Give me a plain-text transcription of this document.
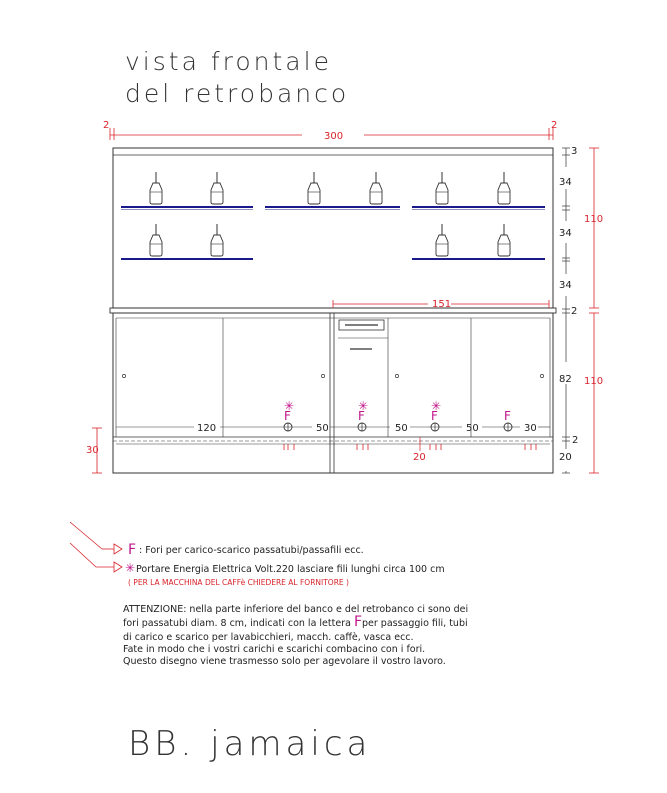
vista frontale
del retrobanco
2
300
2
151
120	50	50	50	30
✳
F
✳
F
✳
F	F
20
30
3
34
34
34
2
82
2
20
110
110
F : Fori per carico-scarico passatubi/passafili ecc.
✳ Portare Energia Elettrica Volt.220 lasciare fili lunghi circa 100 cm
( PER LA MACCHINA DEL CAFFè CHIEDERE AL FORNITORE )
ATTENZIONE: nella parte inferiore del banco e del retrobanco ci sono dei
fori passatubi diam. 8 cm, indicati con la lettera Fper passaggio fili, tubi
di carico e scarico per lavabicchieri, macch. caffè, vasca ecc.
Fate in modo che i vostri carichi e scarichi combacino con i fori.
Questo disegno viene trasmesso solo per agevolare il vostro lavoro.
BB. jamaica
